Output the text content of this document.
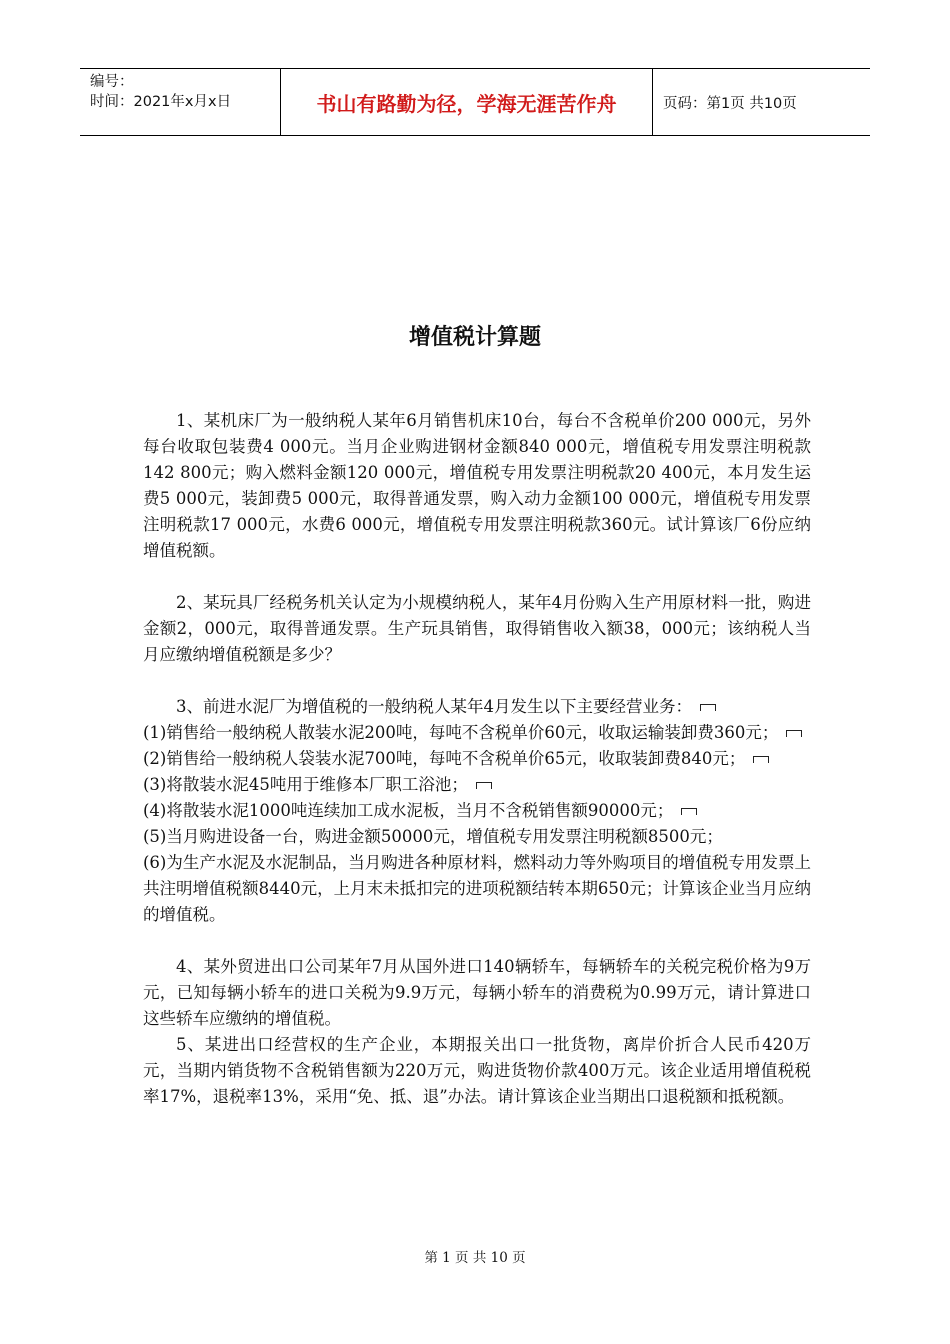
编号：
时间：2021年x月x日	书山有路勤为径，学海无涯苦作舟	页码：第1页 共10页
增值税计算题

1、某机床厂为一般纳税人某年6月销售机床10台，每台不含税单价200 000元，另外每台收取包装费4 000元。当月企业购进钢材金额840 000元，增值税专用发票注明税款142 800元；购入燃料金额120 000元，增值税专用发票注明税款20 400元，本月发生运费5 000元，装卸费5 000元，取得普通发票，购入动力金额100 000元，增值税专用发票注明税款17 000元，水费6 000元，增值税专用发票注明税款360元。试计算该厂6份应纳增值税额。

2、某玩具厂经税务机关认定为小规模纳税人，某年4月份购入生产用原材料一批，购进金额2，000元，取得普通发票。生产玩具销售，取得销售收入额38，000元；该纳税人当月应缴纳增值税额是多少？

3、前进水泥厂为增值税的一般纳税人某年4月发生以下主要经营业务：

(1)销售给一般纳税人散装水泥200吨，每吨不含税单价60元，收取运输装卸费360元；

(2)销售给一般纳税人袋装水泥700吨，每吨不含税单价65元，收取装卸费840元；

(3)将散装水泥45吨用于维修本厂职工浴池；

(4)将散装水泥1000吨连续加工成水泥板，当月不含税销售额90000元；

(5)当月购进设备一台，购进金额50000元，增值税专用发票注明税额8500元；

(6)为生产水泥及水泥制品，当月购进各种原材料，燃料动力等外购项目的增值税专用发票上共注明增值税额8440元，上月末未抵扣完的进项税额结转本期650元；计算该企业当月应纳的增值税。

4、某外贸进出口公司某年7月从国外进口140辆轿车，每辆轿车的关税完税价格为9万元，已知每辆小轿车的进口关税为9.9万元，每辆小轿车的消费税为0.99万元，请计算进口这些轿车应缴纳的增值税。

5、某进出口经营权的生产企业，本期报关出口一批货物，离岸价折合人民币420万元，当期内销货物不含税销售额为220万元，购进货物价款400万元。该企业适用增值税税率17%，退税率13%，采用“免、抵、退”办法。请计算该企业当期出口退税额和抵税额。

第 1 页 共 10 页
